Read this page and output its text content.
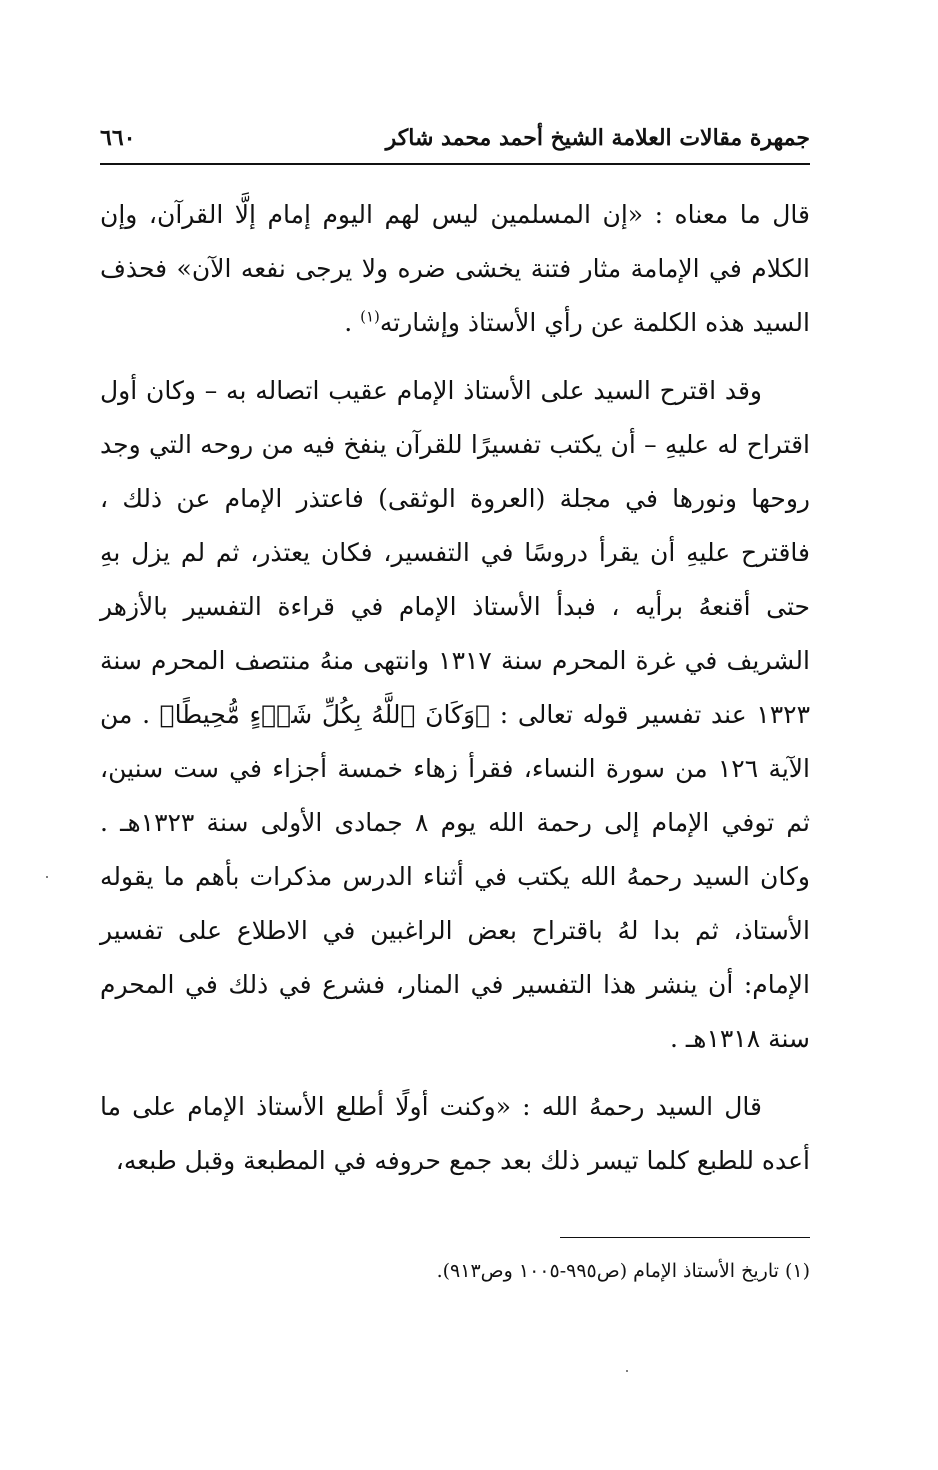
جمهرة مقالات العلامة الشيخ أحمد محمد شاكر
٦٦٠

قال ما معناه : «إن المسلمين ليس لهم اليوم إمام إلَّا القرآن، وإن الكلام في الإمامة مثار فتنة يخشى ضره ولا يرجى نفعه الآن» فحذف السيد هذه الكلمة عن رأي الأستاذ وإشارته$^{(١)}$ .

وقد اقترح السيد على الأستاذ الإمام عقيب اتصاله به – وكان أول اقتراح له عليهِ – أن يكتب تفسيرًا للقرآن ينفخ فيه من روحه التي وجد روحها ونورها في مجلة (العروة الوثقى) فاعتذر الإمام عن ذلك ، فاقترح عليهِ أن يقرأ دروسًا في التفسير، فكان يعتذر، ثم لم يزل بهِ حتى أقنعهُ برأيه ، فبدأ الأستاذ الإمام في قراءة التفسير بالأزهر الشريف في غرة المحرم سنة ١٣١٧ وانتهى منهُ منتصف المحرم سنة ١٣٢٣ عند تفسير قوله تعالى : ﴿وَكَانَ ٱللَّهُ بِكُلِّ شَىۡءٍ مُّحِيطًا﴾ . من الآية ١٢٦ من سورة النساء، فقرأ زهاء خمسة أجزاء في ست سنين، ثم توفي الإمام إلى رحمة الله يوم ٨ جمادى الأولى سنة ١٣٢٣هـ . وكان السيد رحمهُ الله يكتب في أثناء الدرس مذكرات بأهم ما يقوله الأستاذ، ثم بدا لهُ باقتراح بعض الراغبين في الاطلاع على تفسير الإمام: أن ينشر هذا التفسير في المنار، فشرع في ذلك في المحرم سنة ١٣١٨هـ .

قال السيد رحمهُ الله : «وكنت أولًا أطلع الأستاذ الإمام على ما أعده للطبع كلما تيسر ذلك بعد جمع حروفه في المطبعة وقبل طبعه،

(١) تاريخ الأستاذ الإمام (ص٩٩٥-١٠٠٥ وص٩١٣).
